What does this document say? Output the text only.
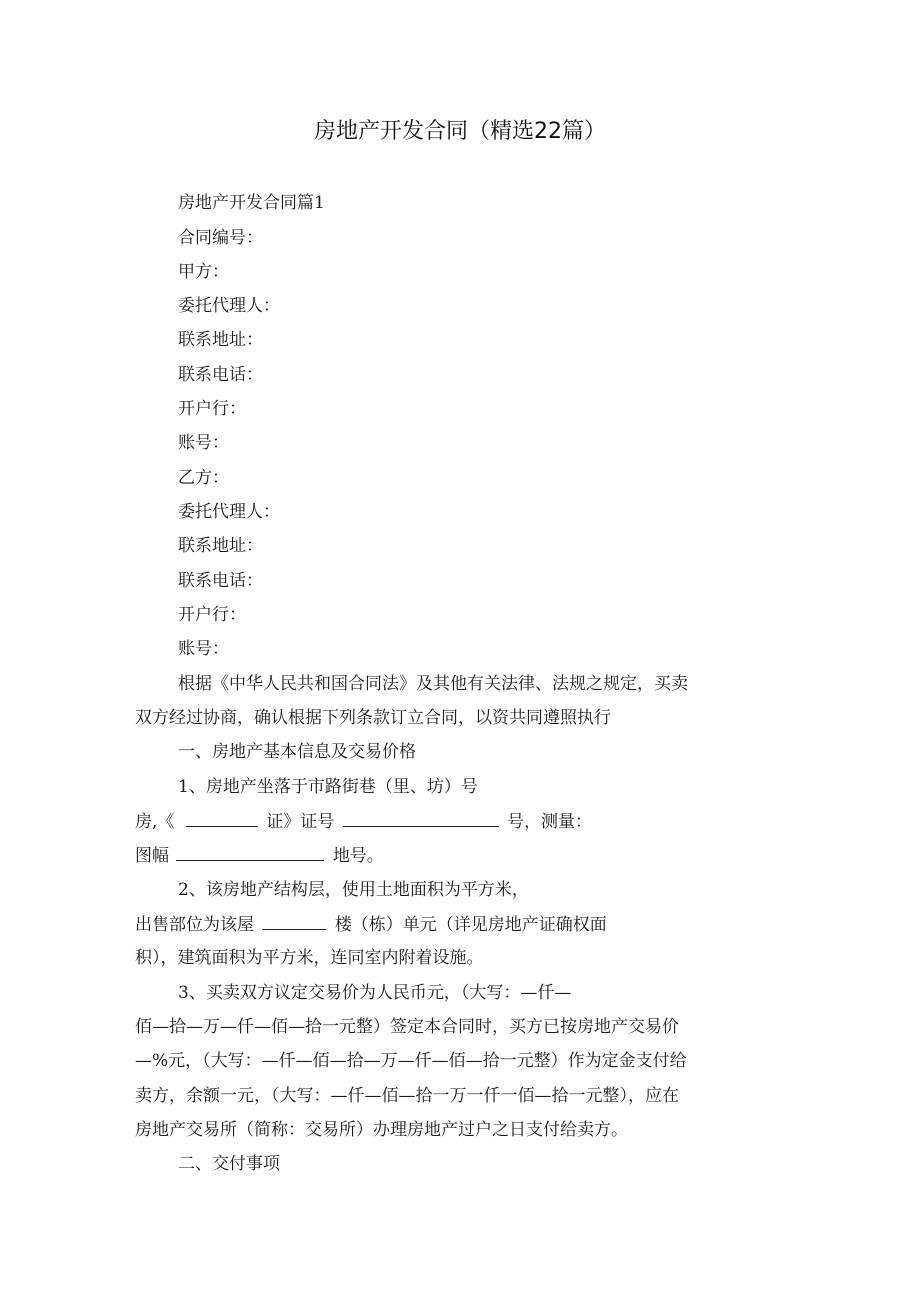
房地产开发合同（精选22篇）
房地产开发合同篇1
合同编号：
甲方：
委托代理人：
联系地址：
联系电话：
开户行：
账号：
乙方：
委托代理人：
联系地址：
联系电话：
开户行：
账号：
根据《中华人民共和国合同法》及其他有关法律、法规之规定，买卖
双方经过协商，确认根据下列条款订立合同，以资共同遵照执行
一、房地产基本信息及交易价格
1、房地产坐落于市路街巷（里、坊）号
房,《	证》证号	号，测量：
图幅	地号。
2、该房地产结构层，使用土地面积为平方米，
出售部位为该屋	楼（栋）单元（详见房地产证确权面
积），建筑面积为平方米，连同室内附着设施。
3、买卖双方议定交易价为人民币元，（大写：—仟—
佰—拾—万—仟—佰—拾一元整）签定本合同时，买方已按房地产交易价
—%元，（大写：—仟—佰—拾—万—仟—佰—拾一元整）作为定金支付给
卖方，余额一元，（大写：—仟—佰—拾一万一仟一佰—拾一元整），应在
房地产交易所（简称：交易所）办理房地产过户之日支付给卖方。
二、交付事项
